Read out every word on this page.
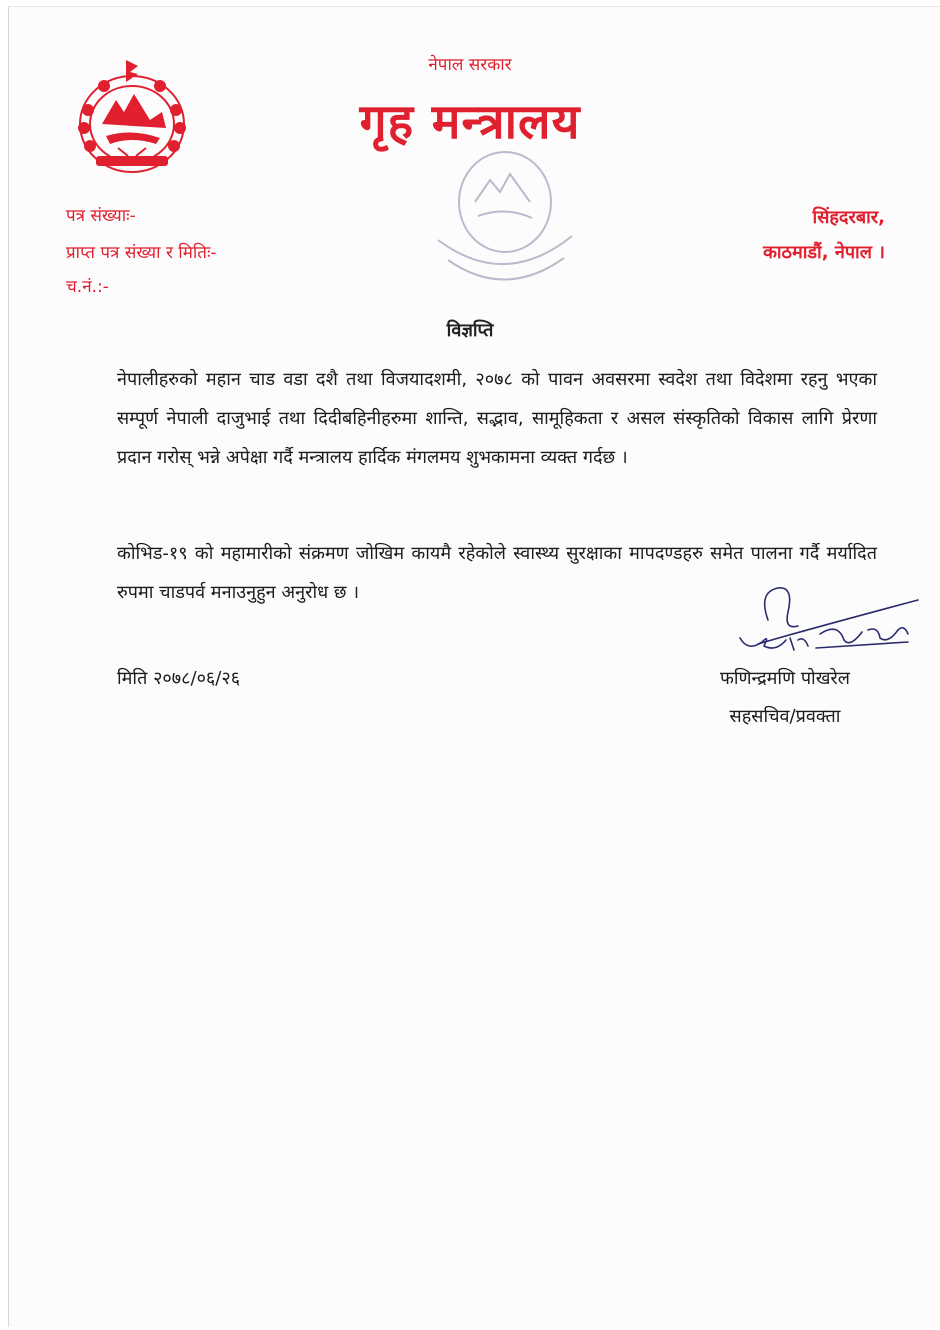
नेपाल सरकार
गृह मन्त्रालय
पत्र संख्याः-
प्राप्त पत्र संख्या र मितिः-
च.नं.:-
सिंहदरबार,
काठमाडौं, नेपाल ।
विज्ञप्ति
नेपालीहरुको महान चाड वडा दशै तथा विजयादशमी, २०७८ को पावन अवसरमा स्वदेश तथा विदेशमा रहनु भएका सम्पूर्ण नेपाली दाजुभाई तथा दिदीबहिनीहरुमा शान्ति, सद्भाव, सामूहिकता र असल संस्कृतिको विकास लागि प्रेरणा प्रदान गरोस् भन्ने अपेक्षा गर्दै मन्त्रालय हार्दिक मंगलमय शुभकामना व्यक्त गर्दछ ।
कोभिड-१९ को महामारीको संक्रमण जोखिम कायमै रहेकोले स्वास्थ्य सुरक्षाका मापदण्डहरु समेत पालना गर्दै मर्यादित रुपमा चाडपर्व मनाउनुहुन अनुरोध छ ।
मिति २०७८/०६/२६	फणिन्द्रमणि पोखरेल
सहसचिव/प्रवक्ता
